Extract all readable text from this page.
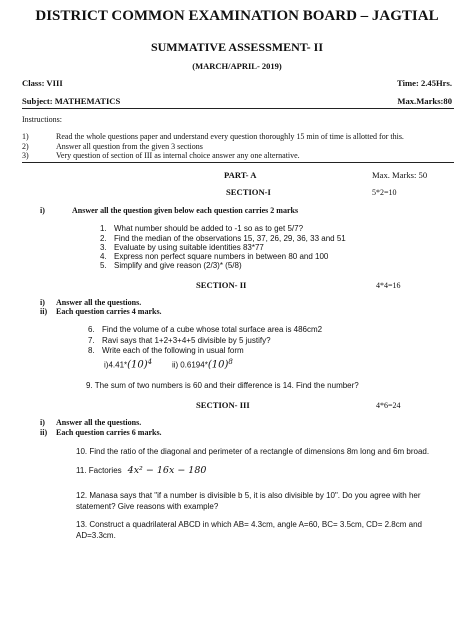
DISTRICT COMMON EXAMINATION BOARD – JAGTIAL
SUMMATIVE ASSESSMENT- II
(MARCH/APRIL- 2019)
Class: VIII	Time: 2.45Hrs.
Subject: MATHEMATICS	Max.Marks:80
Instructions:
1)	Read the whole questions paper and understand every question thoroughly 15 min of time is allotted for this.
2)	Answer all question from the given 3 sections
3)	Very question of section of III as internal choice answer any one alternative.
PART- A	Max. Marks: 50
SECTION-I	5*2=10
i)	Answer all the question given below each question carries 2 marks
1. What number should be added to -1 so as to get 5/7?
2. Find the median of the observations 15, 37, 26, 29, 36, 33 and 51
3. Evaluate by using suitable identities 83*77
4. Express non perfect square numbers in between 80 and 100
5. Simplify and give reason (2/3)* (5/8)
SECTION- II	4*4=16
i) Answer all the questions.
ii) Each question carries 4 marks.
6. Find the volume of a cube whose total surface area is 486cm2
7. Ravi says that 1+2+3+4+5 divisible by 5 justify?
8. Write each of the following in usual form
$i)4.41*(10)^4$ ii) $0.6194*(10)^8$
9. The sum of two numbers is 60 and their difference is 14. Find the number?
SECTION- III	4*6=24
i) Answer all the questions.
ii) Each question carries 6 marks.
10. Find the ratio of the diagonal and perimeter of a rectangle of dimensions 8m long and 6m broad.
11. Factories 4x² − 16x − 180
12. Manasa says that "if a number is divisible b 5, it is also divisible by 10". Do you agree with her
statement? Give reasons with example?
13. Construct a quadrilateral ABCD in which AB= 4.3cm, angle A=60, BC= 3.5cm, CD= 2.8cm and
AD=3.3cm.
